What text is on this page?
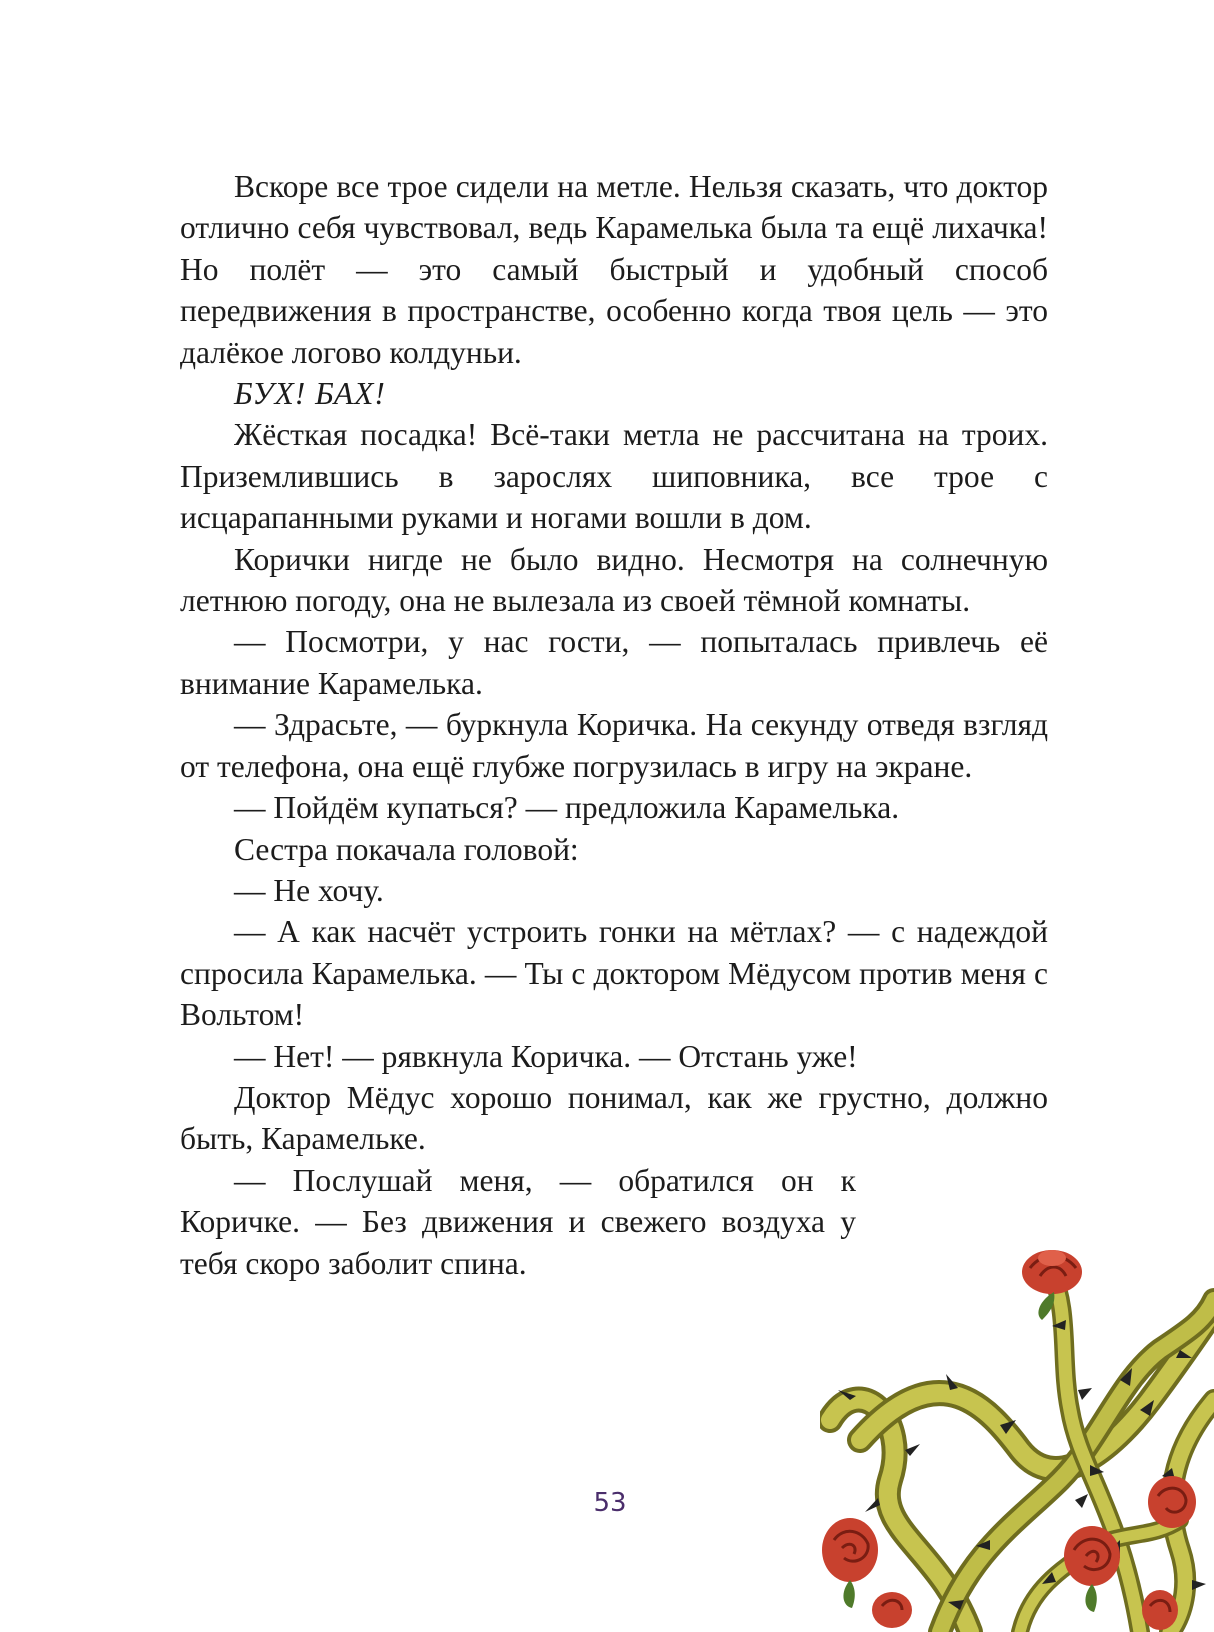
Вскоре все трое сидели на метле. Нельзя сказать, что доктор отлично себя чувствовал, ведь Карамелька была та ещё лихачка! Но полёт — это самый быстрый и удобный способ передвижения в пространстве, особенно когда твоя цель — это далёкое логово колдуньи.

БУХ! БАХ!

Жёсткая посадка! Всё-таки метла не рассчитана на троих. Приземлившись в зарослях шиповника, все трое с исцарапанными руками и ногами вошли в дом.

Корички нигде не было видно. Несмотря на солнечную летнюю погоду, она не вылезала из своей тёмной комнаты.

— Посмотри, у нас гости, — попыталась привлечь её внимание Карамелька.

— Здрасьте, — буркнула Коричка. На секунду отведя взгляд от телефона, она ещё глубже погрузилась в игру на экране.

— Пойдём купаться? — предложила Карамелька.

Сестра покачала головой:

— Не хочу.

— А как насчёт устроить гонки на мётлах? — с надеждой спросила Карамелька. — Ты с доктором Мёдусом против меня с Вольтом!

— Нет! — рявкнула Коричка. — Отстань уже!

Доктор Мёдус хорошо понимал, как же грустно, должно быть, Карамельке.

— Послушай меня, — обратился он к Коричке. — Без движения и свежего воздуха у тебя скоро заболит спина.

53
